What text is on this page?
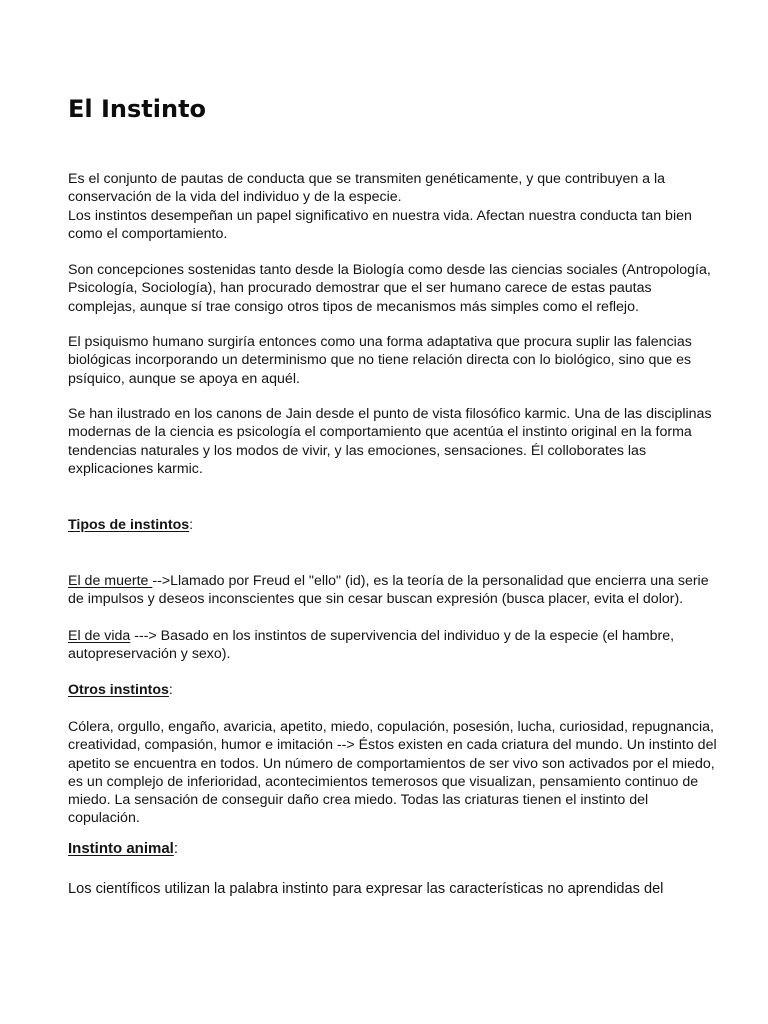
El Instinto

Es el conjunto de pautas de conducta que se transmiten genéticamente, y que contribuyen a la
conservación de la vida del individuo y de la especie.
Los instintos desempeñan un papel significativo en nuestra vida. Afectan nuestra conducta tan bien
como el comportamiento.

Son concepciones sostenidas tanto desde la Biología como desde las ciencias sociales (Antropología,
Psicología, Sociología), han procurado demostrar que el ser humano carece de estas pautas
complejas, aunque sí trae consigo otros tipos de mecanismos más simples como el reflejo.

El psiquismo humano surgiría entonces como una forma adaptativa que procura suplir las falencias
biológicas incorporando un determinismo que no tiene relación directa con lo biológico, sino que es
psíquico, aunque se apoya en aquél.

Se han ilustrado en los canons de Jain desde el punto de vista filosófico karmic. Una de las disciplinas
modernas de la ciencia es psicología el comportamiento que acentúa el instinto original en la forma
tendencias naturales y los modos de vivir, y las emociones, sensaciones. Él colloborates las
explicaciones karmic.

Tipos de instintos:

El de muerte -->Llamado por Freud el "ello" (id), es la teoría de la personalidad que encierra una serie
de impulsos y deseos inconscientes que sin cesar buscan expresión (busca placer, evita el dolor).

El de vida ---> Basado en los instintos de supervivencia del individuo y de la especie (el hambre,
autopreservación y sexo).

Otros instintos:

Cólera, orgullo, engaño, avaricia, apetito, miedo, copulación, posesión, lucha, curiosidad, repugnancia,
creatividad, compasión, humor e imitación --> Éstos existen en cada criatura del mundo. Un instinto del
apetito se encuentra en todos. Un número de comportamientos de ser vivo son activados por el miedo,
es un complejo de inferioridad, acontecimientos temerosos que visualizan, pensamiento continuo de
miedo. La sensación de conseguir daño crea miedo. Todas las criaturas tienen el instinto del
copulación.

Instinto animal:

Los científicos utilizan la palabra instinto para expresar las características no aprendidas del
